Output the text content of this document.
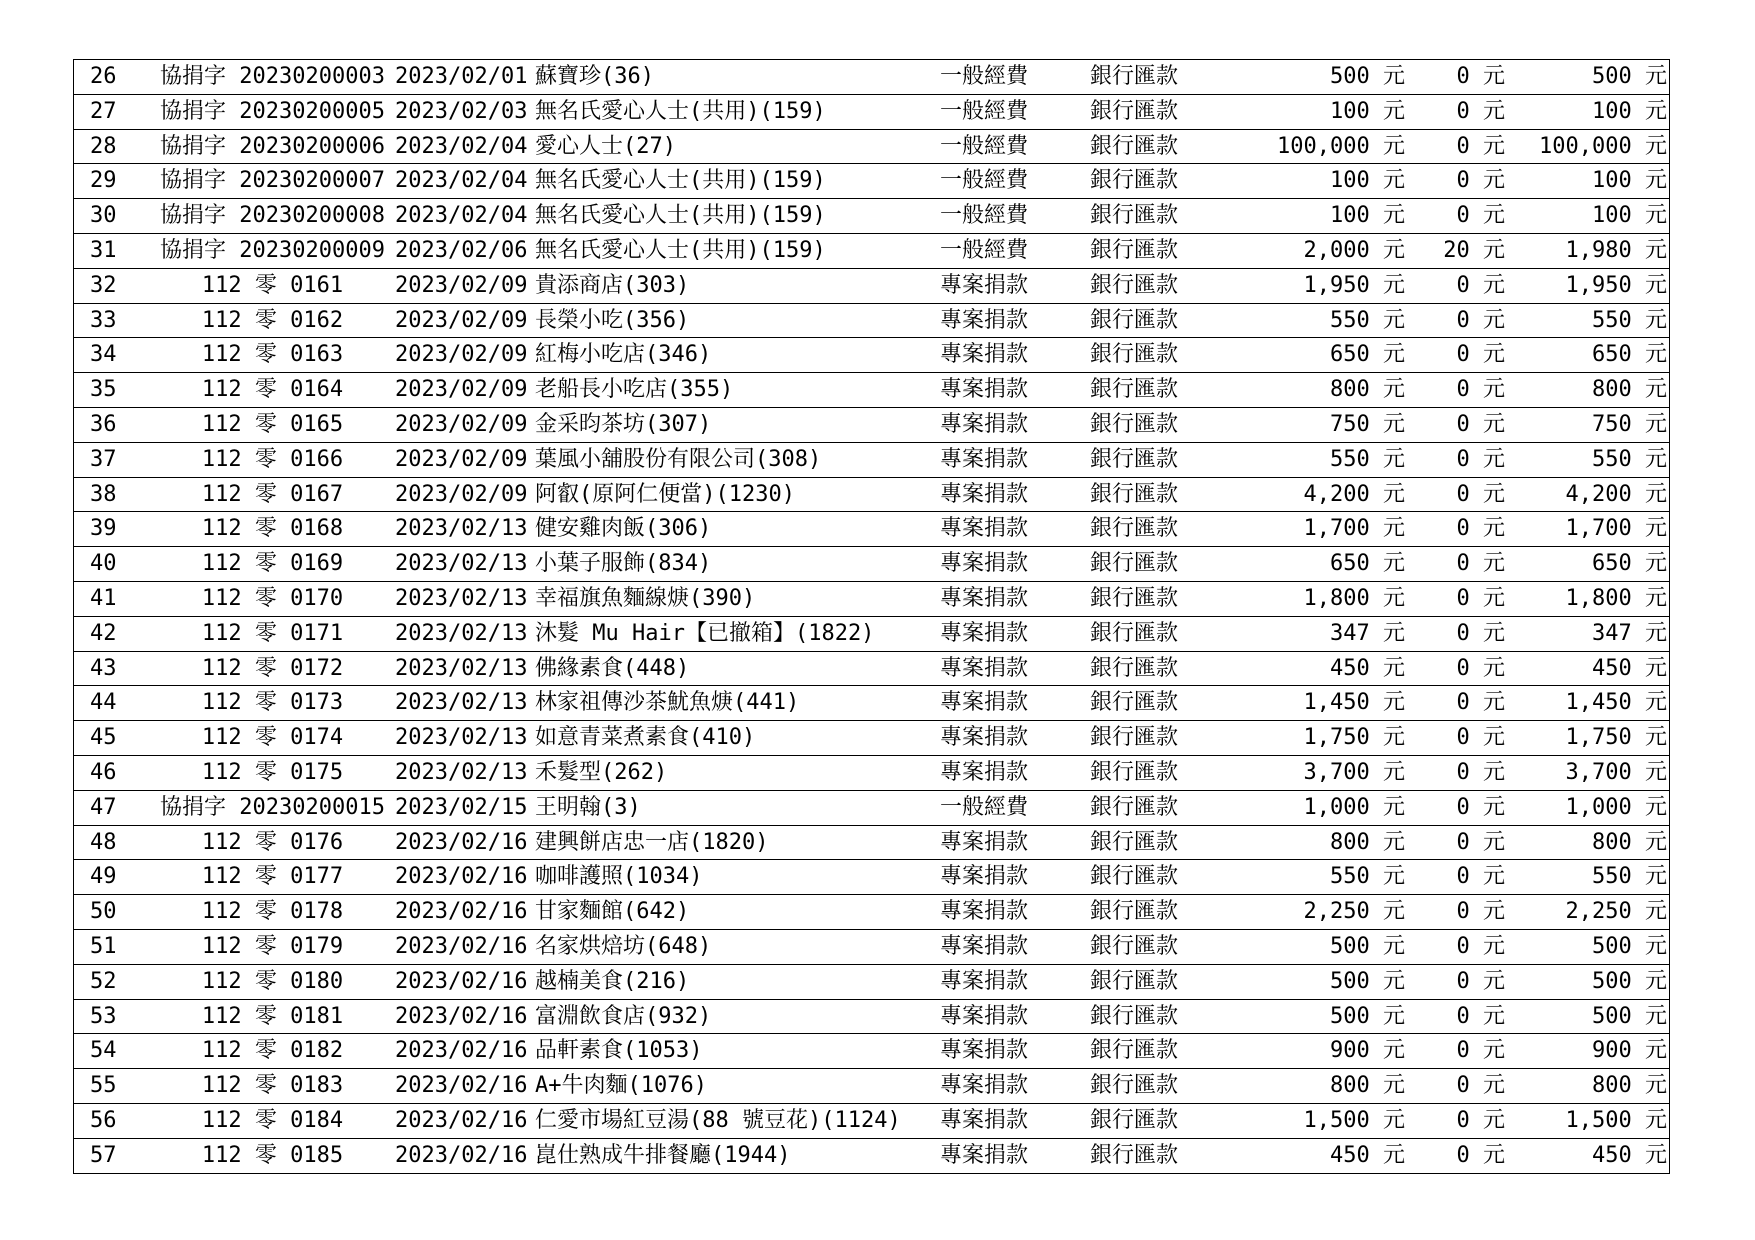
26	協捐字 20230200003	2023/02/01	蘇寶珍(36)	一般經費	銀行匯款	500 元	0 元	500 元
27	協捐字 20230200005	2023/02/03	無名氏愛心人士(共用)(159)	一般經費	銀行匯款	100 元	0 元	100 元
28	協捐字 20230200006	2023/02/04	愛心人士(27)	一般經費	銀行匯款	100,000 元	0 元	100,000 元
29	協捐字 20230200007	2023/02/04	無名氏愛心人士(共用)(159)	一般經費	銀行匯款	100 元	0 元	100 元
30	協捐字 20230200008	2023/02/04	無名氏愛心人士(共用)(159)	一般經費	銀行匯款	100 元	0 元	100 元
31	協捐字 20230200009	2023/02/06	無名氏愛心人士(共用)(159)	一般經費	銀行匯款	2,000 元	20 元	1,980 元
32	112 零 0161	2023/02/09	貴添商店(303)	專案捐款	銀行匯款	1,950 元	0 元	1,950 元
33	112 零 0162	2023/02/09	長榮小吃(356)	專案捐款	銀行匯款	550 元	0 元	550 元
34	112 零 0163	2023/02/09	紅梅小吃店(346)	專案捐款	銀行匯款	650 元	0 元	650 元
35	112 零 0164	2023/02/09	老船長小吃店(355)	專案捐款	銀行匯款	800 元	0 元	800 元
36	112 零 0165	2023/02/09	金采昀茶坊(307)	專案捐款	銀行匯款	750 元	0 元	750 元
37	112 零 0166	2023/02/09	葉風小舖股份有限公司(308)	專案捐款	銀行匯款	550 元	0 元	550 元
38	112 零 0167	2023/02/09	阿叡(原阿仁便當)(1230)	專案捐款	銀行匯款	4,200 元	0 元	4,200 元
39	112 零 0168	2023/02/13	健安雞肉飯(306)	專案捐款	銀行匯款	1,700 元	0 元	1,700 元
40	112 零 0169	2023/02/13	小葉子服飾(834)	專案捐款	銀行匯款	650 元	0 元	650 元
41	112 零 0170	2023/02/13	幸福旗魚麵線焿(390)	專案捐款	銀行匯款	1,800 元	0 元	1,800 元
42	112 零 0171	2023/02/13	沐髮 Mu Hair【已撤箱】(1822)	專案捐款	銀行匯款	347 元	0 元	347 元
43	112 零 0172	2023/02/13	佛緣素食(448)	專案捐款	銀行匯款	450 元	0 元	450 元
44	112 零 0173	2023/02/13	林家祖傳沙茶魷魚焿(441)	專案捐款	銀行匯款	1,450 元	0 元	1,450 元
45	112 零 0174	2023/02/13	如意青菜煮素食(410)	專案捐款	銀行匯款	1,750 元	0 元	1,750 元
46	112 零 0175	2023/02/13	禾髮型(262)	專案捐款	銀行匯款	3,700 元	0 元	3,700 元
47	協捐字 20230200015	2023/02/15	王明翰(3)	一般經費	銀行匯款	1,000 元	0 元	1,000 元
48	112 零 0176	2023/02/16	建興餅店忠一店(1820)	專案捐款	銀行匯款	800 元	0 元	800 元
49	112 零 0177	2023/02/16	咖啡護照(1034)	專案捐款	銀行匯款	550 元	0 元	550 元
50	112 零 0178	2023/02/16	甘家麵館(642)	專案捐款	銀行匯款	2,250 元	0 元	2,250 元
51	112 零 0179	2023/02/16	名家烘焙坊(648)	專案捐款	銀行匯款	500 元	0 元	500 元
52	112 零 0180	2023/02/16	越楠美食(216)	專案捐款	銀行匯款	500 元	0 元	500 元
53	112 零 0181	2023/02/16	富淵飲食店(932)	專案捐款	銀行匯款	500 元	0 元	500 元
54	112 零 0182	2023/02/16	品軒素食(1053)	專案捐款	銀行匯款	900 元	0 元	900 元
55	112 零 0183	2023/02/16	A+牛肉麵(1076)	專案捐款	銀行匯款	800 元	0 元	800 元
56	112 零 0184	2023/02/16	仁愛市場紅豆湯(88 號豆花)(1124)	專案捐款	銀行匯款	1,500 元	0 元	1,500 元
57	112 零 0185	2023/02/16	崑仕熟成牛排餐廳(1944)	專案捐款	銀行匯款	450 元	0 元	450 元
